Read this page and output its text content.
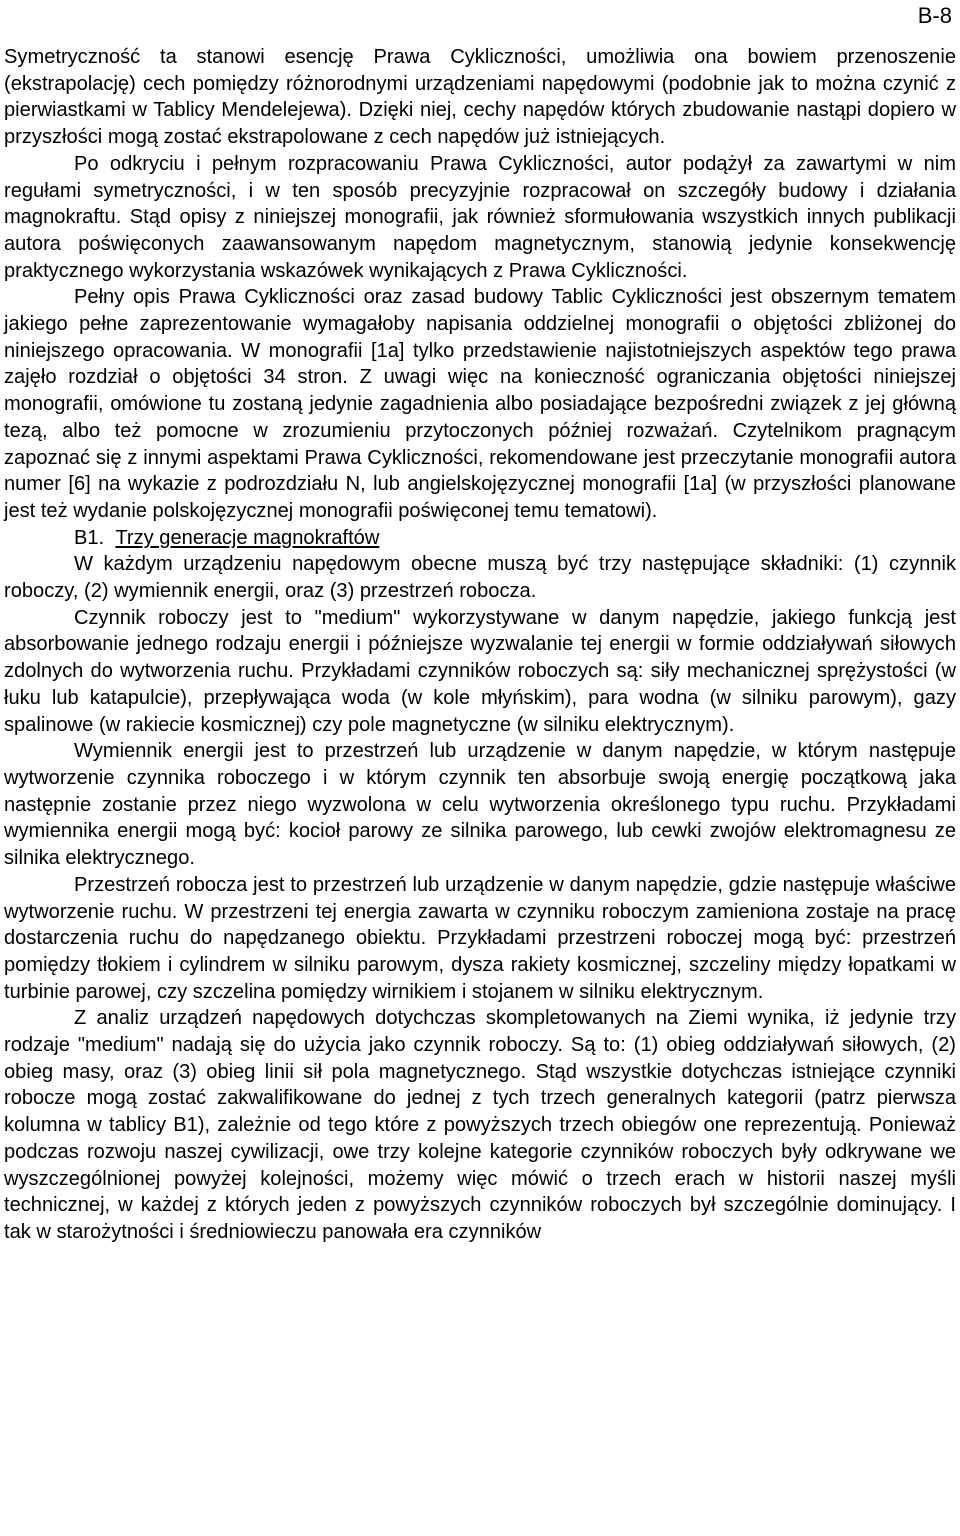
B-8

Symetryczność ta stanowi esencję Prawa Cykliczności, umożliwia ona bowiem przenoszenie (ekstrapolację) cech pomiędzy różnorodnymi urządzeniami napędowymi (podobnie jak to można czynić z pierwiastkami w Tablicy Mendelejewa). Dzięki niej, cechy napędów których zbudowanie nastąpi dopiero w przyszłości mogą zostać ekstrapolowane z cech napędów już istniejących.

Po odkryciu i pełnym rozpracowaniu Prawa Cykliczności, autor podążył za zawartymi w nim regułami symetryczności, i w ten sposób precyzyjnie rozpracował on szczegóły budowy i działania magnokraftu. Stąd opisy z niniejszej monografii, jak również sformułowania wszystkich innych publikacji autora poświęconych zaawansowanym napędom magnetycznym, stanowią jedynie konsekwencję praktycznego wykorzystania wskazówek wynikających z Prawa Cykliczności.

Pełny opis Prawa Cykliczności oraz zasad budowy Tablic Cykliczności jest obszernym tematem jakiego pełne zaprezentowanie wymagałoby napisania oddzielnej monografii o objętości zbliżonej do niniejszego opracowania. W monografii [1a] tylko przedstawienie najistotniejszych aspektów tego prawa zajęło rozdział o objętości 34 stron. Z uwagi więc na konieczność ograniczania objętości niniejszej monografii, omówione tu zostaną jedynie zagadnienia albo posiadające bezpośredni związek z jej główną tezą, albo też pomocne w zrozumieniu przytoczonych później rozważań. Czytelnikom pragnącym zapoznać się z innymi aspektami Prawa Cykliczności, rekomendowane jest przeczytanie monografii autora numer [6] na wykazie z podrozdziału N, lub angielskojęzycznej monografii [1a] (w przyszłości planowane jest też wydanie polskojęzycznej monografii poświęconej temu tematowi).

B1. Trzy generacje magnokraftów

W każdym urządzeniu napędowym obecne muszą być trzy następujące składniki: (1) czynnik roboczy, (2) wymiennik energii, oraz (3) przestrzeń robocza.

Czynnik roboczy jest to "medium" wykorzystywane w danym napędzie, jakiego funkcją jest absorbowanie jednego rodzaju energii i późniejsze wyzwalanie tej energii w formie oddziaływań siłowych zdolnych do wytworzenia ruchu. Przykładami czynników roboczych są: siły mechanicznej sprężystości (w łuku lub katapulcie), przepływająca woda (w kole młyńskim), para wodna (w silniku parowym), gazy spalinowe (w rakiecie kosmicznej) czy pole magnetyczne (w silniku elektrycznym).

Wymiennik energii jest to przestrzeń lub urządzenie w danym napędzie, w którym następuje wytworzenie czynnika roboczego i w którym czynnik ten absorbuje swoją energię początkową jaka następnie zostanie przez niego wyzwolona w celu wytworzenia określonego typu ruchu. Przykładami wymiennika energii mogą być: kocioł parowy ze silnika parowego, lub cewki zwojów elektromagnesu ze silnika elektrycznego.

Przestrzeń robocza jest to przestrzeń lub urządzenie w danym napędzie, gdzie następuje właściwe wytworzenie ruchu. W przestrzeni tej energia zawarta w czynniku roboczym zamieniona zostaje na pracę dostarczenia ruchu do napędzanego obiektu. Przykładami przestrzeni roboczej mogą być: przestrzeń pomiędzy tłokiem i cylindrem w silniku parowym, dysza rakiety kosmicznej, szczeliny między łopatkami w turbinie parowej, czy szczelina pomiędzy wirnikiem i stojanem w silniku elektrycznym.

Z analiz urządzeń napędowych dotychczas skompletowanych na Ziemi wynika, iż jedynie trzy rodzaje "medium" nadają się do użycia jako czynnik roboczy. Są to: (1) obieg oddziaływań siłowych, (2) obieg masy, oraz (3) obieg linii sił pola magnetycznego. Stąd wszystkie dotychczas istniejące czynniki robocze mogą zostać zakwalifikowane do jednej z tych trzech generalnych kategorii (patrz pierwsza kolumna w tablicy B1), zależnie od tego które z powyższych trzech obiegów one reprezentują. Ponieważ podczas rozwoju naszej cywilizacji, owe trzy kolejne kategorie czynników roboczych były odkrywane we wyszczególnionej powyżej kolejności, możemy więc mówić o trzech erach w historii naszej myśli technicznej, w każdej z których jeden z powyższych czynników roboczych był szczególnie dominujący. I tak w starożytności i średniowieczu panowała era czynników
